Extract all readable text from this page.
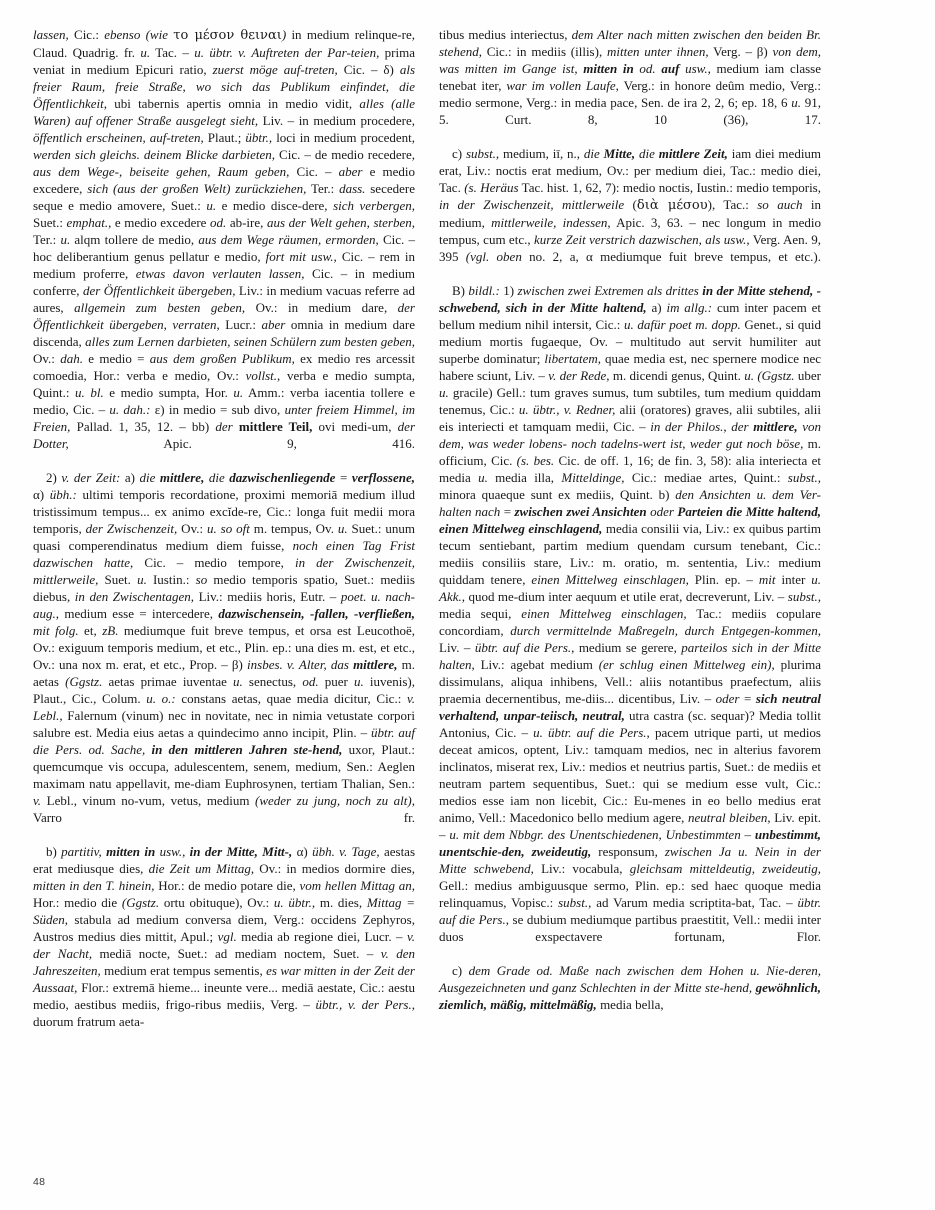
lassen, Cic.: ebenso (wie το μέσον θειναι) in medium relinque-re, Claud. Quadrig. fr. u. Tac. – u. übtr. v. Auftreten der Par-teien, prima veniat in medium Epicuri ratio, zuerst möge auf-treten, Cic. – δ) als freier Raum, freie Straße, wo sich das Publikum einfindet, die Öffentlichkeit, ubi tabernis apertis omnia in medio vidit, alles (alle Waren) auf offener Straße ausgelegt sieht, Liv. – in medium procedere, öffentlich erscheinen, auf-treten, Plaut.; übtr., loci in medium procedent, werden sich gleichs. deinem Blicke darbieten, Cic. – de medio recedere, aus dem Wege-, beiseite gehen, Raum geben, Cic. – aber e medio excedere, sich (aus der großen Welt) zurückziehen, Ter.: dass. secedere seque e medio amovere, Suet.: u. e medio disce-dere, sich verbergen, Suet.: emphat., e medio excedere od. ab-ire, aus der Welt gehen, sterben, Ter.: u. alqm tollere de medio, aus dem Wege räumen, ermorden, Cic. – hoc deliberantium genus pellatur e medio, fort mit usw., Cic. – rem in medium proferre, etwas davon verlauten lassen, Cic. – in medium conferre, der Öffentlichkeit übergeben, Liv.: in medium vacuas referre ad aures, allgemein zum besten geben, Ov.: in medium dare, der Öffentlichkeit übergeben, verraten, Lucr.: aber omnia in medium dare discenda, alles zum Lernen darbieten, seinen Schülern zum besten geben, Ov.: dah. e medio = aus dem großen Publikum, ex medio res arcessit comoedia, Hor.: verba e medio, Ov.: vollst., verba e medio sumpta, Quint.: u. bl. e medio sumpta, Hor. u. Amm.: verba iacentia tollere e medio, Cic. – u. dah.: ε) in medio = sub divo, unter freiem Himmel, im Freien, Pallad. 1, 35, 12. – bb) der mittlere Teil, ovi medi-um, der Dotter, Apic. 9, 416.

2) v. der Zeit: a) die mittlere, die dazwischenliegende = verflossene, α) übh.: ultimi temporis recordatione, proximi memoriā medium illud tristissimum tempus... ex animo excĭde-re, Cic.: longa fuit medii mora temporis, der Zwischenzeit, Ov.: u. so oft m. tempus, Ov. u. Suet.: unum quasi comperendinatus medium diem fuisse, noch einen Tag Frist dazwischen hatte, Cic. – medio tempore, in der Zwischenzeit, mittlerweile, Suet. u. Iustin.: so medio temporis spatio, Suet.: mediis diebus, in den Zwischentagen, Liv.: mediis horis, Eutr. – poet. u. nach-aug., medium esse = intercedere, dazwischensein, -fallen, -verfließen, mit folg. et, zB. mediumque fuit breve tempus, et orsa est Leucothoë, Ov.: exiguum temporis medium, et etc., Plin. ep.: una dies m. est, et etc., Ov.: una nox m. erat, et etc., Prop. – β) insbes. v. Alter, das mittlere, m. aetas (Ggstz. aetas primae iuventae u. senectus, od. puer u. iuvenis), Plaut., Cic., Colum. u. o.: constans aetas, quae media dicitur, Cic.: v. Lebl., Falernum (vinum) nec in novitate, nec in nimia vetustate corpori salubre est. Media eius aetas a quindecimo anno incipit, Plin. – übtr. auf die Pers. od. Sache, in den mittleren Jahren ste-hend, uxor, Plaut.: quemcumque vis occupa, adulescentem, senem, medium, Sen.: Aeglen maximam natu appellavit, me-diam Euphrosynen, tertiam Thalian, Sen.: v. Lebl., vinum no-vum, vetus, medium (weder zu jung, noch zu alt), Varro fr.

b) partitiv, mitten in usw., in der Mitte, Mitt-, α) übh. v. Tage, aestas erat mediusque dies, die Zeit um Mittag, Ov.: in medios dormire dies, mitten in den T. hinein, Hor.: de medio potare die, vom hellen Mittag an, Hor.: medio die (Ggstz. ortu obituque), Ov.: u. übtr., m. dies, Mittag = Süden, stabula ad medium conversa diem, Verg.: occidens Zephyros, Austros medius dies mittit, Apul.; vgl. media ab regione diei, Lucr. – v. der Nacht, mediā nocte, Suet.: ad mediam noctem, Suet. – v. den Jahreszeiten, medium erat tempus sementis, es war mitten in der Zeit der Aussaat, Flor.: extremā hieme... ineunte vere... mediā aestate, Cic.: aestu medio, aestibus mediis, frigo-ribus mediis, Verg. – übtr., v. der Pers., duorum fratrum aeta-

tibus medius interiectus, dem Alter nach mitten zwischen den beiden Br. stehend, Cic.: in mediis (illis), mitten unter ihnen, Verg. – β) von dem, was mitten im Gange ist, mitten in od. auf usw., medium iam classe tenebat iter, war im vollen Laufe, Verg.: in honore deûm medio, Verg.: medio sermone, Verg.: in media pace, Sen. de ira 2, 2, 6; ep. 18, 6 u. 91, 5. Curt. 8, 10 (36), 17.

c) subst., medium, iī, n., die Mitte, die mittlere Zeit, iam diei medium erat, Liv.: noctis erat medium, Ov.: per medium diei, Tac.: medio diei, Tac. (s. Heräus Tac. hist. 1, 62, 7): medio noctis, Iustin.: medio temporis, in der Zwischenzeit, mittlerweile (διὰ μέσου), Tac.: so auch in medium, mittlerweile, indessen, Apic. 3, 63. – nec longum in medio tempus, cum etc., kurze Zeit verstrich dazwischen, als usw., Verg. Aen. 9, 395 (vgl. oben no. 2, a, α mediumque fuit breve tempus, et etc.).

B) bildl.: 1) zwischen zwei Extremen als drittes in der Mitte stehend, -schwebend, sich in der Mitte haltend, a) im allg.: cum inter pacem et bellum medium nihil intersit, Cic.: u. dafür poet m. dopp. Genet., si quid medium mortis fugaeque, Ov. – multitudo aut servit humiliter aut superbe dominatur; libertatem, quae media est, nec spernere modice nec habere sciunt, Liv. – v. der Rede, m. dicendi genus, Quint. u. (Ggstz. uber u. gracile) Gell.: tum graves sumus, tum subtiles, tum medium quiddam tenemus, Cic.: u. übtr., v. Redner, alii (oratores) graves, alii subtiles, alii eis interiecti et tamquam medii, Cic. – in der Philos., der mittlere, von dem, was weder lobens- noch tadelns-wert ist, weder gut noch böse, m. officium, Cic. (s. bes. Cic. de off. 1, 16; de fin. 3, 58): alia interiecta et media u. media illa, Mitteldinge, Cic.: mediae artes, Quint.: subst., minora quaeque sunt ex mediis, Quint. b) den Ansichten u. dem Ver-halten nach = zwischen zwei Ansichten oder Parteien die Mitte haltend, einen Mittelweg einschlagend, media consilii via, Liv.: ex quibus partim tecum sentiebant, partim medium quendam cursum tenebant, Cic.: mediis consiliis stare, Liv.: m. oratio, m. sententia, Liv.: medium quiddam tenere, einen Mittelweg einschlagen, Plin. ep. – mit inter u. Akk., quod me-dium inter aequum et utile erat, decreverunt, Liv. – subst., media sequi, einen Mittelweg einschlagen, Tac.: mediis copulare concordiam, durch vermittelnde Maßregeln, durch Entgegen-kommen, Liv. – übtr. auf die Pers., medium se gerere, parteilos sich in der Mitte halten, Liv.: agebat medium (er schlug einen Mittelweg ein), plurima dissimulans, aliqua inhibens, Vell.: aliis notantibus praefectum, aliis praemia decernentibus, me-diis... dicentibus, Liv. – oder = sich neutral verhaltend, unpar-teiisch, neutral, utra castra (sc. sequar)? Media tollit Antonius, Cic. – u. übtr. auf die Pers., pacem utrique parti, ut medios deceat amicos, optent, Liv.: tamquam medios, nec in alterius favorem inclinatos, miserat rex, Liv.: medios et neutrius partis, Suet.: de mediis et neutram partem sequentibus, Suet.: qui se medium esse vult, Cic.: medios esse iam non licebit, Cic.: Eu-menes in eo bello medius erat animo, Vell.: Macedonico bello medium agere, neutral bleiben, Liv. epit. – u. mit dem Nbbgr. des Unentschiedenen, Unbestimmten – unbestimmt, unentschie-den, zweideutig, responsum, zwischen Ja u. Nein in der Mitte schwebend, Liv.: vocabula, gleichsam mitteldeutig, zweideutig, Gell.: medius ambiguusque sermo, Plin. ep.: sed haec quoque media relinquamus, Vopisc.: subst., ad Varum media scriptita-bat, Tac. – übtr. auf die Pers., se dubium mediumque partibus praestitit, Vell.: medii inter duos exspectavere fortunam, Flor.

c) dem Grade od. Maße nach zwischen dem Hohen u. Nie-deren, Ausgezeichneten und ganz Schlechten in der Mitte ste-hend, gewöhnlich, ziemlich, mäßig, mittelmäßig, media bella,

48
